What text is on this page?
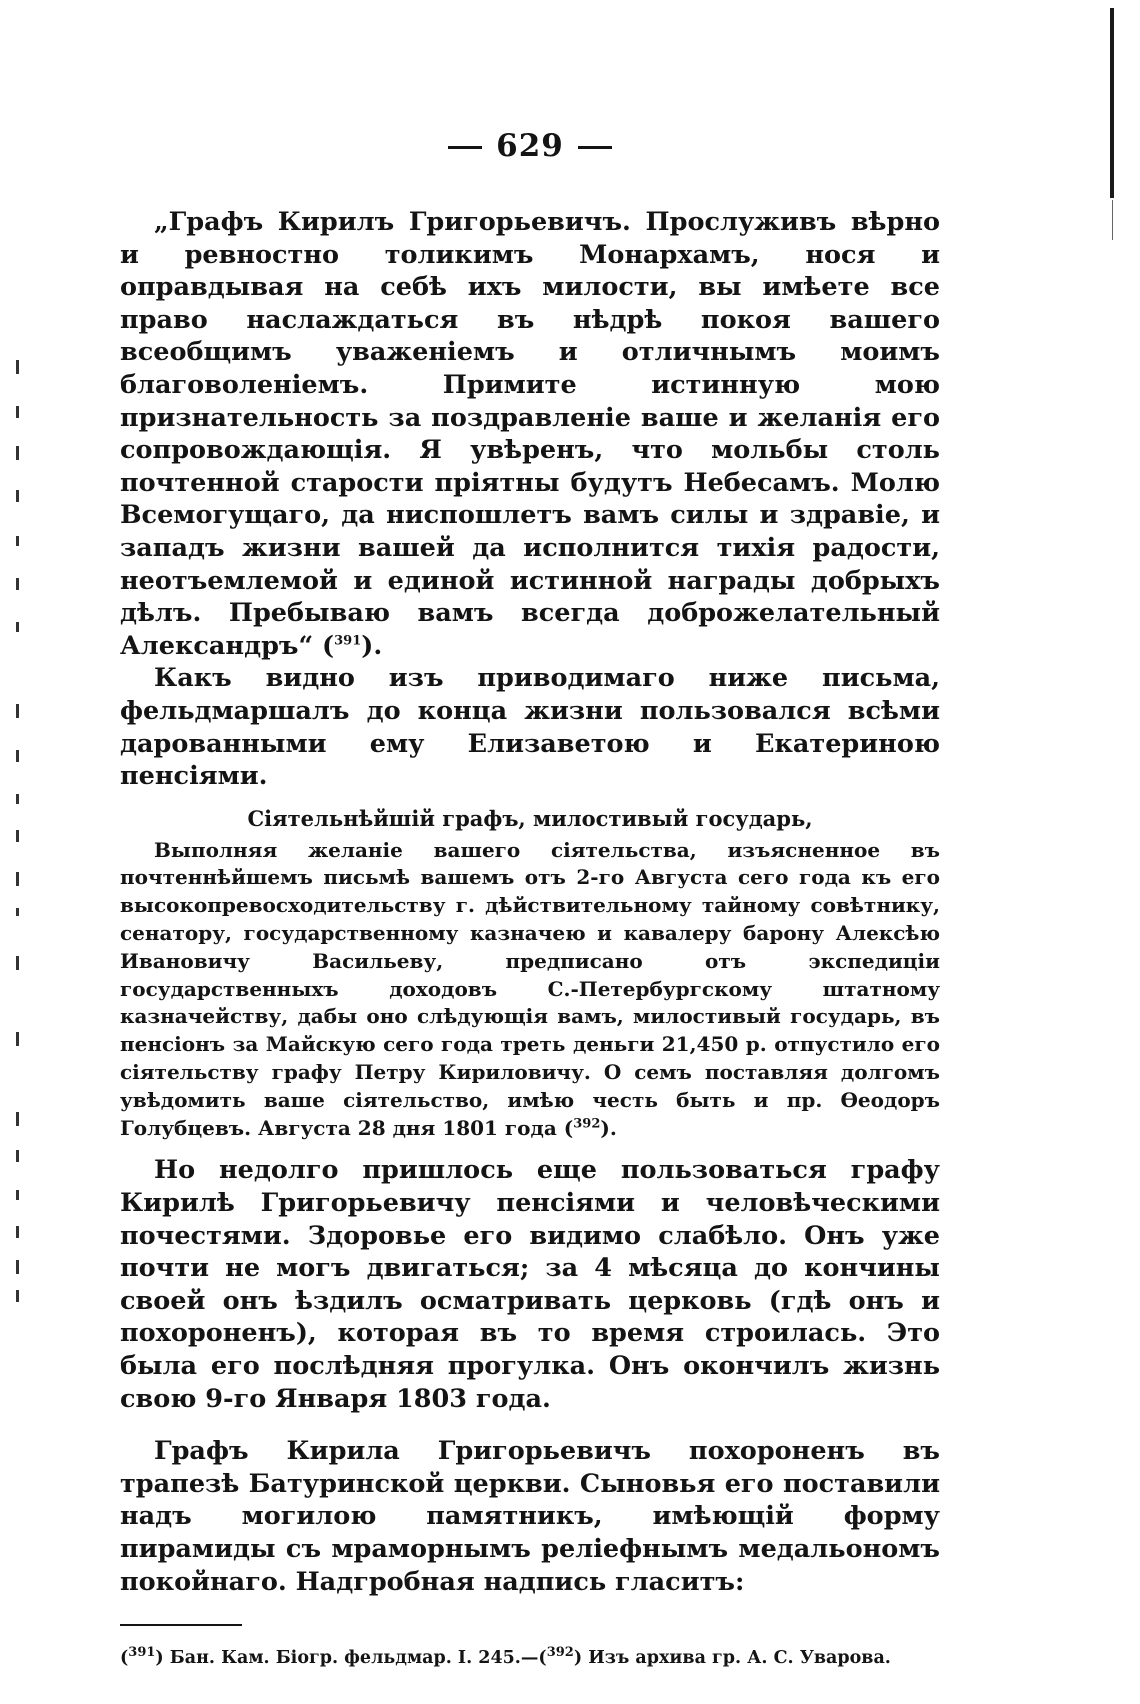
629

„Графъ Кирилъ Григорьевичъ. Прослуживъ вѣрно и ревностно толикимъ Монархамъ, нося и оправдывая на себѣ ихъ милости, вы имѣете все право наслаждаться въ нѣдрѣ покоя вашего всеобщимъ уваженіемъ и отличнымъ моимъ благоволеніемъ. Примите истинную мою признательность за поздравленіе ваше и желанія его сопровождающія. Я увѣренъ, что мольбы столь почтенной старости пріятны будутъ Небесамъ. Молю Всемогущаго, да ниспошлетъ вамъ силы и здравіе, и западъ жизни вашей да исполнится тихія радости, неотъемлемой и единой истинной награды добрыхъ дѣлъ. Пребываю вамъ всегда доброжелательный Александръ“ ($^{391}$).

Какъ видно изъ приводимаго ниже письма, фельдмаршалъ до конца жизни пользовался всѣми дарованными ему Елизаветою и Екатериною пенсіями.

Сіятельнѣйшій графъ, милостивый государь,

Выполняя желаніе вашего сіятельства, изъясненное въ почтеннѣйшемъ письмѣ вашемъ отъ 2-го Августа сего года къ его высокопревосходительству г. дѣйствительному тайному совѣтнику, сенатору, государственному казначею и кавалеру барону Алексѣю Ивановичу Васильеву, предписано отъ экспедиціи государственныхъ доходовъ С.-Петербургскому штатному казначейству, дабы оно слѣдующія вамъ, милостивый государь, въ пенсіонъ за Майскую сего года треть деньги 21,450 р. отпустило его сіятельству графу Петру Кириловичу. О семъ поставляя долгомъ увѣдомить ваше сіятельство, имѣю честь быть и пр. Ѳеодоръ Голубцевъ. Августа 28 дня 1801 года ($^{392}$).

Но недолго пришлось еще пользоваться графу Кирилѣ Григорьевичу пенсіями и человѣческими почестями. Здоровье его видимо слабѣло. Онъ уже почти не могъ двигаться; за 4 мѣсяца до кончины своей онъ ѣздилъ осматривать церковь (гдѣ онъ и похороненъ), которая въ то время строилась. Это была его послѣдняя прогулка. Онъ окончилъ жизнь свою 9-го Января 1803 года.

Графъ Кирила Григорьевичъ похороненъ въ трапезѣ Батуринской церкви. Сыновья его поставили надъ могилою памятникъ, имѣющій форму пирамиды съ мраморнымъ реліефнымъ медальономъ покойнаго. Надгробная надпись гласитъ:

($^{391}$) Бан. Кам. Біогр. фельдмар. I. 245.—($^{392}$) Изъ архива гр. А. С. Уварова.
